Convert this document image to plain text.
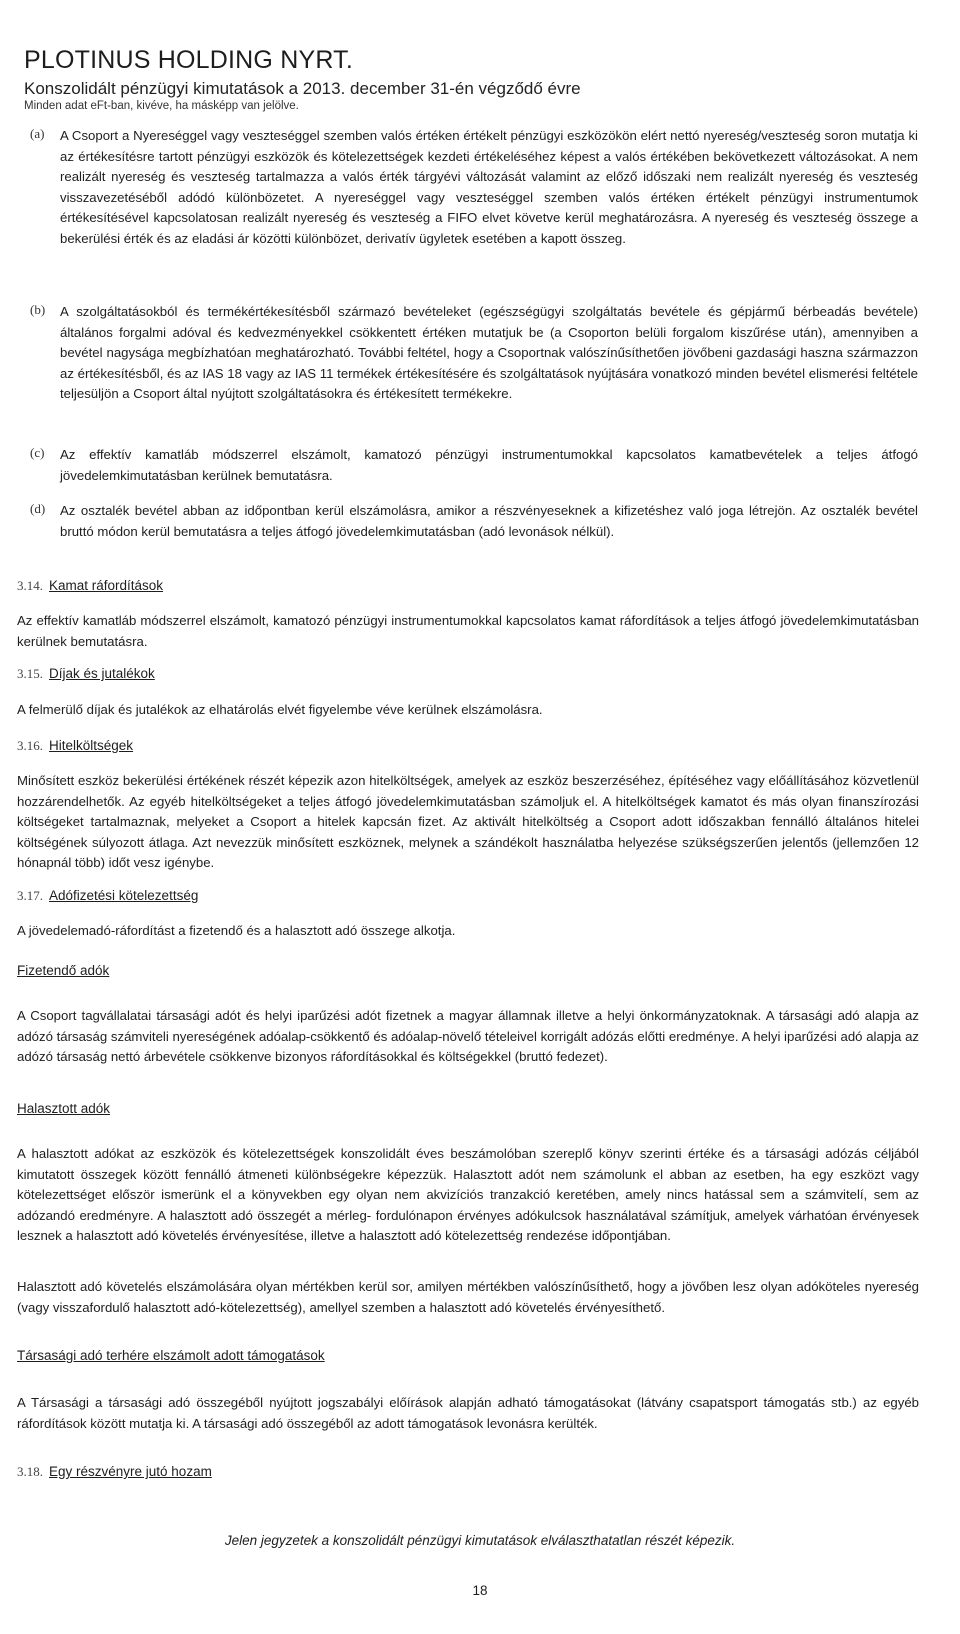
PLOTINUS HOLDING NYRT.
Konszolidált pénzügyi kimutatások a 2013. december 31-én végződő évre
Minden adat eFt-ban, kivéve, ha másképp van jelölve.
(a) A Csoport a Nyereséggel vagy veszteséggel szemben valós értéken értékelt pénzügyi eszközökön elért nettó nyereség/veszteség soron mutatja ki az értékesítésre tartott pénzügyi eszközök és kötelezettségek kezdeti értékeléséhez képest a valós értékében bekövetkezett változásokat. A nem realizált nyereség és veszteség tartalmazza a valós érték tárgyévi változását valamint az előző időszaki nem realizált nyereség és veszteség visszavezetéséből adódó különbözetet. A nyereséggel vagy veszteséggel szemben valós értéken értékelt pénzügyi instrumentumok értékesítésével kapcsolatosan realizált nyereség és veszteség a FIFO elvet követve kerül meghatározásra. A nyereség és veszteség összege a bekerülési érték és az eladási ár közötti különbözet, derivatív ügyletek esetében a kapott összeg.

(b) A szolgáltatásokból és termékértékesítésből származó bevételeket (egészségügyi szolgáltatás bevétele és gépjármű bérbeadás bevétele) általános forgalmi adóval és kedvezményekkel csökkentett értéken mutatjuk be (a Csoporton belüli forgalom kiszűrése után), amennyiben a bevétel nagysága megbízhatóan meghatározható. További feltétel, hogy a Csoportnak valószínűsíthetően jövőbeni gazdasági haszna származzon az értékesítésből, és az IAS 18 vagy az IAS 11 termékek értékesítésére és szolgáltatások nyújtására vonatkozó minden bevétel elismerési feltétele teljesüljön a Csoport által nyújtott szolgáltatásokra és értékesített termékekre.

(c) Az effektív kamatláb módszerrel elszámolt, kamatozó pénzügyi instrumentumokkal kapcsolatos kamatbevételek a teljes átfogó jövedelemkimutatásban kerülnek bemutatásra.

(d) Az osztalék bevétel abban az időpontban kerül elszámolásra, amikor a részvényeseknek a kifizetéshez való joga létrejön. Az osztalék bevétel bruttó módon kerül bemutatásra a teljes átfogó jövedelemkimutatásban (adó levonások nélkül).

3.14. Kamat ráfordítások

Az effektív kamatláb módszerrel elszámolt, kamatozó pénzügyi instrumentumokkal kapcsolatos kamat ráfordítások a teljes átfogó jövedelemkimutatásban kerülnek bemutatásra.

3.15. Díjak és jutalékok

A felmerülő díjak és jutalékok az elhatárolás elvét figyelembe véve kerülnek elszámolásra.

3.16. Hitelköltségek

Minősített eszköz bekerülési értékének részét képezik azon hitelköltségek, amelyek az eszköz beszerzéséhez, építéséhez vagy előállításához közvetlenül hozzárendelhetők. Az egyéb hitelköltségeket a teljes átfogó jövedelemkimutatásban számoljuk el. A hitelköltségek kamatot és más olyan finanszírozási költségeket tartalmaznak, melyeket a Csoport a hitelek kapcsán fizet. Az aktivált hitelköltség a Csoport adott időszakban fennálló általános hitelei költségének súlyozott átlaga. Azt nevezzük minősített eszköznek, melynek a szándékolt használatba helyezése szükségszerűen jelentős (jellemzően 12 hónapnál több) időt vesz igénybe.

3.17. Adófizetési kötelezettség

A jövedelemadó-ráfordítást a fizetendő és a halasztott adó összege alkotja.

Fizetendő adók

A Csoport tagvállalatai társasági adót és helyi iparűzési adót fizetnek a magyar államnak illetve a helyi önkormányzatoknak. A társasági adó alapja az adózó társaság számviteli nyereségének adóalap-csökkentő és adóalap-növelő tételeivel korrigált adózás előtti eredménye. A helyi iparűzési adó alapja az adózó társaság nettó árbevétele csökkenve bizonyos ráfordításokkal és költségekkel (bruttó fedezet).

Halasztott adók

A halasztott adókat az eszközök és kötelezettségek konszolidált éves beszámolóban szereplő könyv szerinti értéke és a társasági adózás céljából kimutatott összegek között fennálló átmeneti különbségekre képezzük. Halasztott adót nem számolunk el abban az esetben, ha egy eszközt vagy kötelezettséget először ismerünk el a könyvekben egy olyan nem akvizíciós tranzakció keretében, amely nincs hatással sem a számvitelí, sem az adózandó eredményre. A halasztott adó összegét a mérleg- fordulónapon érvényes adókulcsok használatával számítjuk, amelyek várhatóan érvényesek lesznek a halasztott adó követelés érvényesítése, illetve a halasztott adó kötelezettség rendezése időpontjában.

Halasztott adó követelés elszámolására olyan mértékben kerül sor, amilyen mértékben valószínűsíthető, hogy a jövőben lesz olyan adóköteles nyereség (vagy visszafordulő halasztott adó-kötelezettség), amellyel szemben a halasztott adó követelés érvényesíthető.

Társasági adó terhére elszámolt adott támogatások

A Társasági a társasági adó összegéből nyújtott jogszabályi előírások alapján adható támogatásokat (látvány csapatsport támogatás stb.) az egyéb ráfordítások között mutatja ki. A társasági adó összegéből az adott támogatások levonásra kerülték.

3.18. Egy részvényre jutó hozam
Jelen jegyzetek a konszolidált pénzügyi kimutatások elválaszthatatlan részét képezik.
18
